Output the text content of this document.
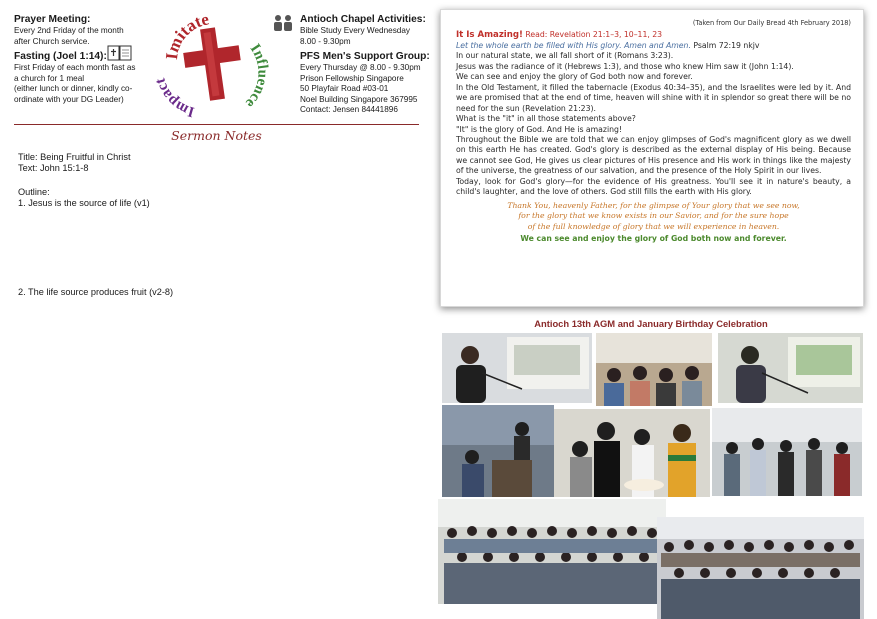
Prayer Meeting:
Every 2nd Friday of the month
after Church service.
Fasting (Joel 1:14):
First Friday of each month fast as
a church for 1 meal
(either lunch or dinner, kindly co-
ordinate with your DG Leader)
Imitate
Influence
Impac
Antioch Chapel Activities:
Bible Study Every Wednesday
8.00 - 9.30pm
PFS Men's Support Group:
Every Thursday @ 8.00 - 9.30pm
Prison Fellowship Singapore
50 Playfair Road #03-01
Noel Building Singapore 367995
Contact: Jensen 84441896
Sermon Notes
Title: Being Fruitful in Christ
Text: John 15:1-8
Outline:
1. Jesus is the source of life (v1)
2. The life source produces fruit (v2-8)
(Taken from Our Daily Bread 4th February 2018)
It Is Amazing! Read: Revelation 21:1–3, 10–11, 23
Let the whole earth be filled with His glory. Amen and Amen. Psalm 72:19 nkjv
In our natural state, we all fall short of it (Romans 3:23).
Jesus was the radiance of it (Hebrews 1:3), and those who knew Him saw it (John 1:14).
We can see and enjoy the glory of God both now and forever.
In the Old Testament, it filled the tabernacle (Exodus 40:34–35), and the Israelites were led by it. And we are promised that at the end of time, heaven will shine with it in splendor so great there will be no need for the sun (Revelation 21:23).
What is the "it" in all those statements above?
"It" is the glory of God. And He is amazing!
Throughout the Bible we are told that we can enjoy glimpses of God's magnificent glory as we dwell on this earth He has created. God's glory is described as the external display of His being. Because we cannot see God, He gives us clear pictures of His presence and His work in things like the majesty of the universe, the greatness of our salvation, and the presence of the Holy Spirit in our lives.
Today, look for God's glory—for the evidence of His greatness. You'll see it in nature's beauty, a child's laughter, and the love of others. God still fills the earth with His glory.
Thank You, heavenly Father, for the glimpse of Your glory that we see now,
for the glory that we know exists in our Savior, and for the sure hope
of the full knowledge of glory that we will experience in heaven.
We can see and enjoy the glory of God both now and forever.
Antioch 13th AGM and January Birthday Celebration
